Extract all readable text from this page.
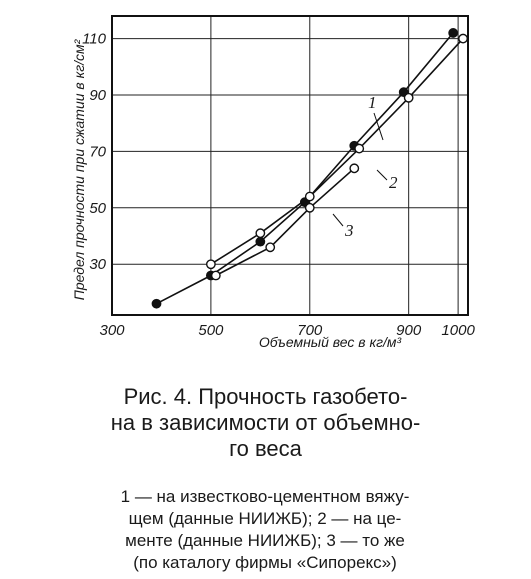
300	500	700	900 1000
30
50
70
90
110
1
2
3
Объемный вес в кг/м³
Предел прочности при сжатии в кг/см²
Рис. 4. Прочность газобето-
на в зависимости от объемно-
го веса
1 — на известково-цементном вяжу-
щем (данные НИИЖБ); 2 — на це-
менте (данные НИИЖБ); 3 — то же
(по каталогу фирмы «Сипорекс»)
